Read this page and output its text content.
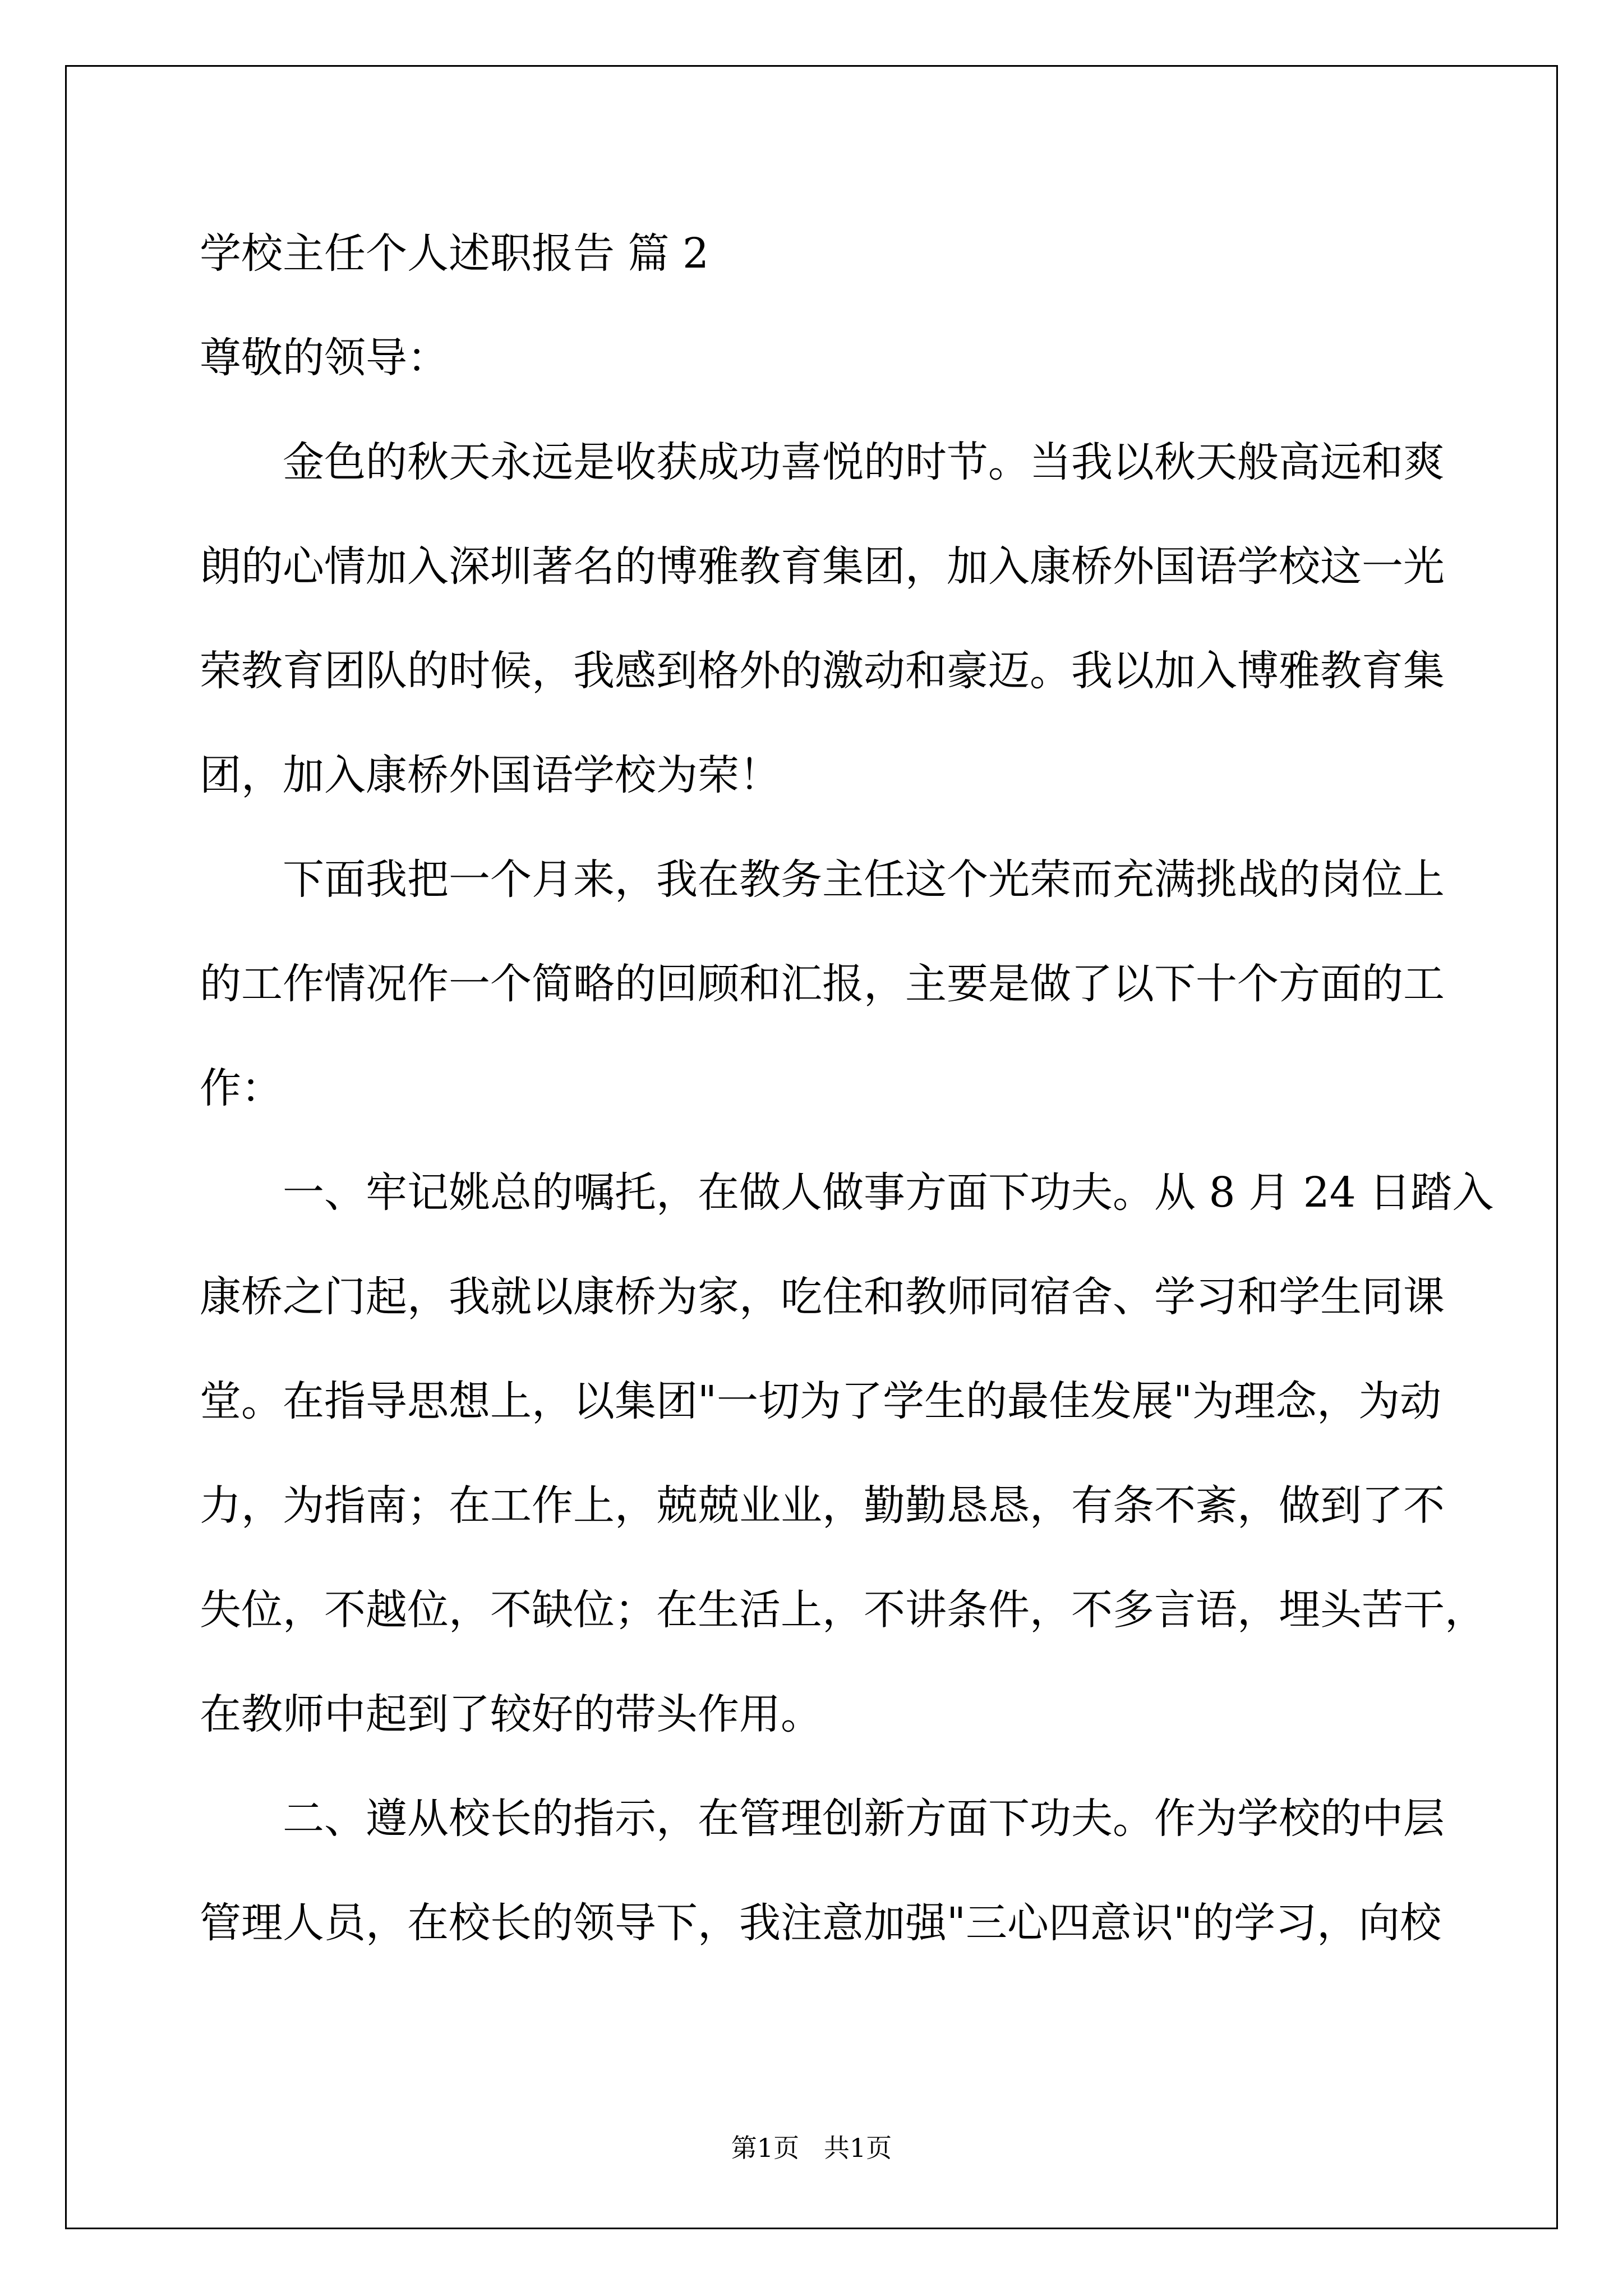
学校主任个人述职报告 篇 2
尊敬的领导：
金色的秋天永远是收获成功喜悦的时节。当我以秋天般高远和爽
朗的心情加入深圳著名的博雅教育集团，加入康桥外国语学校这一光
荣教育团队的时候，我感到格外的激动和豪迈。我以加入博雅教育集
团，加入康桥外国语学校为荣！
下面我把一个月来，我在教务主任这个光荣而充满挑战的岗位上
的工作情况作一个简略的回顾和汇报，主要是做了以下十个方面的工
作：
一、牢记姚总的嘱托，在做人做事方面下功夫。从 8 月 24 日踏入
康桥之门起，我就以康桥为家，吃住和教师同宿舍、学习和学生同课
堂。在指导思想上，以集团"一切为了学生的最佳发展"为理念，为动
力，为指南；在工作上，兢兢业业，勤勤恳恳，有条不紊，做到了不
失位，不越位，不缺位；在生活上，不讲条件，不多言语，埋头苦干，
在教师中起到了较好的带头作用。
二、遵从校长的指示，在管理创新方面下功夫。作为学校的中层
管理人员，在校长的领导下，我注意加强"三心四意识"的学习，向校
第1页   共1页
